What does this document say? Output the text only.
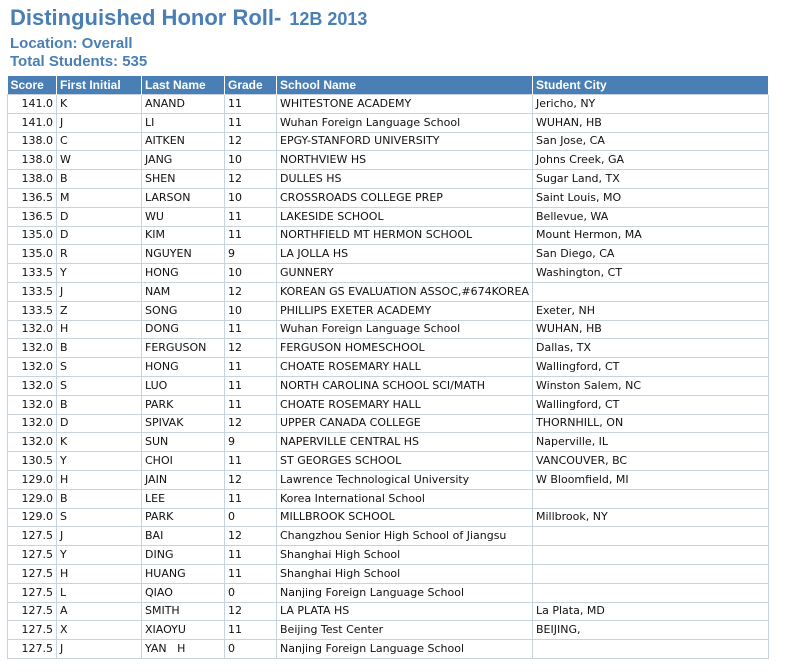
Distinguished Honor Roll- 12B 2013
Location: Overall
Total Students: 535
Score	First Initial	Last Name	Grade	School Name	Student City
141.0	K	ANAND	11	WHITESTONE ACADEMY	Jericho, NY
141.0	J	LI	11	Wuhan Foreign Language School	WUHAN, HB
138.0	C	AITKEN	12	EPGY-STANFORD UNIVERSITY	San Jose, CA
138.0	W	JANG	10	NORTHVIEW HS	Johns Creek, GA
138.0	B	SHEN	12	DULLES HS	Sugar Land, TX
136.5	M	LARSON	10	CROSSROADS COLLEGE PREP	Saint Louis, MO
136.5	D	WU	11	LAKESIDE SCHOOL	Bellevue, WA
135.0	D	KIM	11	NORTHFIELD MT HERMON SCHOOL	Mount Hermon, MA
135.0	R	NGUYEN	9	LA JOLLA HS	San Diego, CA
133.5	Y	HONG	10	GUNNERY	Washington, CT
133.5	J	NAM	12	KOREAN GS EVALUATION ASSOC,#674KOREA	
133.5	Z	SONG	10	PHILLIPS EXETER ACADEMY	Exeter, NH
132.0	H	DONG	11	Wuhan Foreign Language School	WUHAN, HB
132.0	B	FERGUSON	12	FERGUSON HOMESCHOOL	Dallas, TX
132.0	S	HONG	11	CHOATE ROSEMARY HALL	Wallingford, CT
132.0	S	LUO	11	NORTH CAROLINA SCHOOL SCI/MATH	Winston Salem, NC
132.0	B	PARK	11	CHOATE ROSEMARY HALL	Wallingford, CT
132.0	D	SPIVAK	12	UPPER CANADA COLLEGE	THORNHILL, ON
132.0	K	SUN	9	NAPERVILLE CENTRAL HS	Naperville, IL
130.5	Y	CHOI	11	ST GEORGES SCHOOL	VANCOUVER, BC
129.0	H	JAIN	12	Lawrence Technological University	W Bloomfield, MI
129.0	B	LEE	11	Korea International School	
129.0	S	PARK	0	MILLBROOK SCHOOL	Millbrook, NY
127.5	J	BAI	12	Changzhou Senior High School of Jiangsu	
127.5	Y	DING	11	Shanghai High School	
127.5	H	HUANG	11	Shanghai High School	
127.5	L	QIAO	0	Nanjing Foreign Language School	
127.5	A	SMITH	12	LA PLATA HS	La Plata, MD
127.5	X	XIAOYU	11	Beijing Test Center	BEIJING,
127.5	J	YAN   H	0	Nanjing Foreign Language School	
